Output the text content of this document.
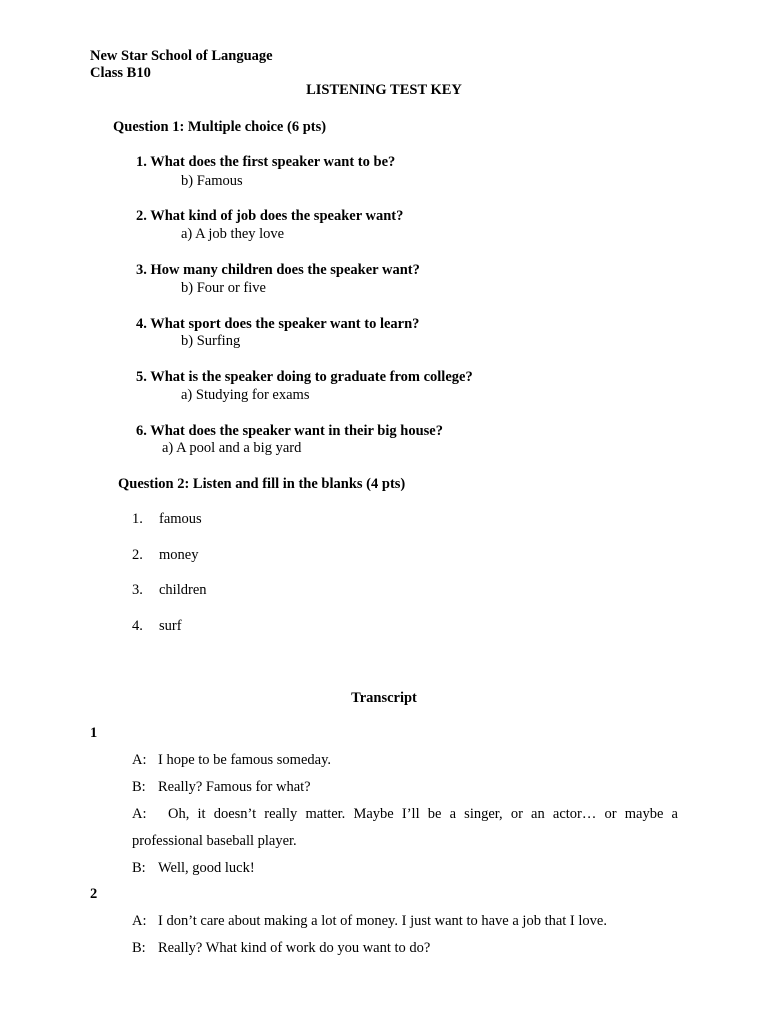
New Star School of Language
Class B10
LISTENING TEST KEY
Question 1: Multiple choice (6 pts)
1. What does the first speaker want to be?
b) Famous
2. What kind of job does the speaker want?
a) A job they love
3. How many children does the speaker want?
b) Four or five
4. What sport does the speaker want to learn?
b) Surfing
5. What is the speaker doing to graduate from college?
a) Studying for exams
6. What does the speaker want in their big house?
a) A pool and a big yard
Question 2: Listen and fill in the blanks (4 pts)
1. famous
2. money
3. children
4. surf
Transcript
1
A: I hope to be famous someday.
B: Really? Famous for what?
A: Oh, it doesn’t really matter. Maybe I’ll be a singer, or an actor… or maybe a
professional baseball player.
B: Well, good luck!
2
A: I don’t care about making a lot of money. I just want to have a job that I love.
B: Really? What kind of work do you want to do?
